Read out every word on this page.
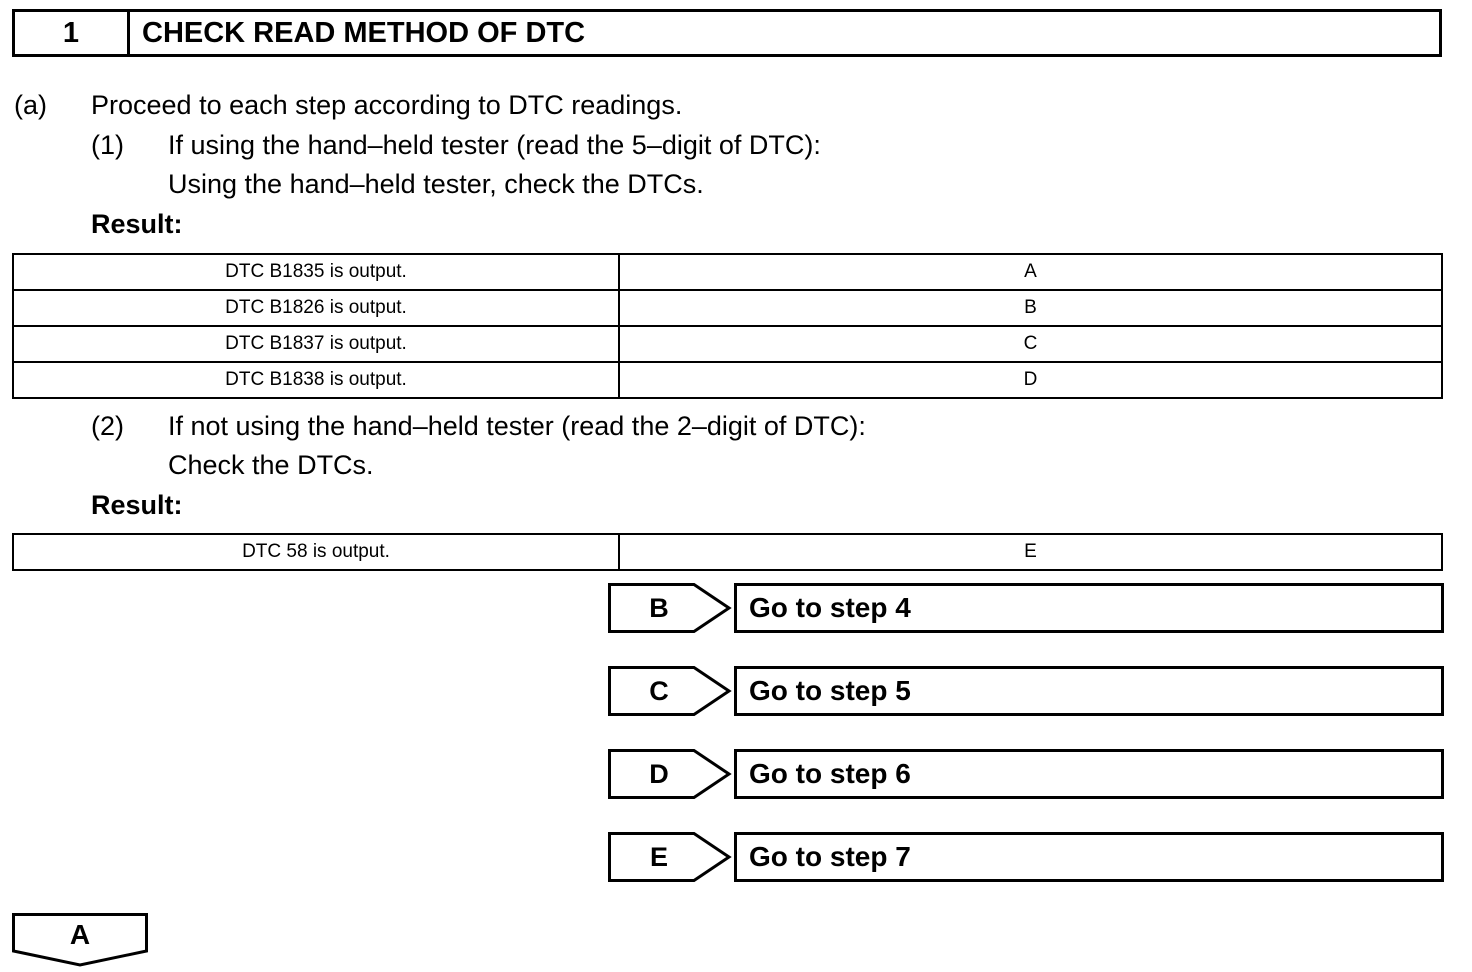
1	CHECK READ METHOD OF DTC
(a) Proceed to each step according to DTC readings.
(1) If using the hand–held tester (read the 5–digit of DTC):
Using the hand–held tester, check the DTCs.
Result:
DTC B1835 is output.	A
DTC B1826 is output.	B
DTC B1837 is output.	C
DTC B1838 is output.	D
(2) If not using the hand–held tester (read the 2–digit of DTC):
Check the DTCs.
Result:
DTC 58 is output.	E
B	Go to step 4
C	Go to step 5
D	Go to step 6
E	Go to step 7
A
